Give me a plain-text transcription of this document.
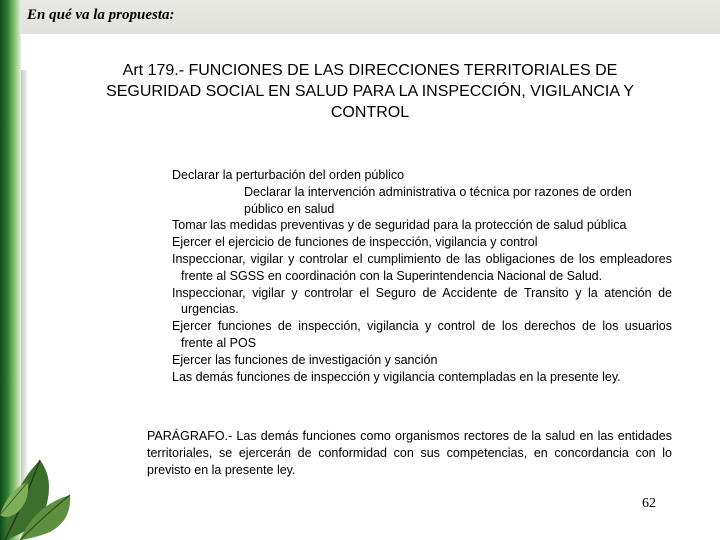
En qué va la propuesta:
Art 179.- FUNCIONES DE LAS DIRECCIONES TERRITORIALES DE
SEGURIDAD SOCIAL EN SALUD PARA LA INSPECCIÓN, VIGILANCIA Y
CONTROL
Declarar la perturbación del orden público
Declarar la intervención administrativa o técnica por razones de orden público en salud
Tomar las medidas preventivas y de seguridad para la protección de salud pública
Ejercer el ejercicio de funciones de inspección, vigilancia y control
Inspeccionar, vigilar y controlar el cumplimiento de las obligaciones de los empleadores frente al SGSS en coordinación con la Superintendencia Nacional de Salud.
Inspeccionar, vigilar y controlar el Seguro de Accidente de Transito y la atención de urgencias.
Ejercer funciones de inspección, vigilancia y control de los derechos de los usuarios frente al POS
Ejercer las funciones de investigación y sanción
Las demás funciones de inspección y vigilancia contempladas en la presente ley.
PARÁGRAFO.- Las demás funciones como organismos rectores de la salud en las entidades territoriales, se ejercerán de conformidad con sus competencias, en concordancia con lo previsto en la presente ley.
62
